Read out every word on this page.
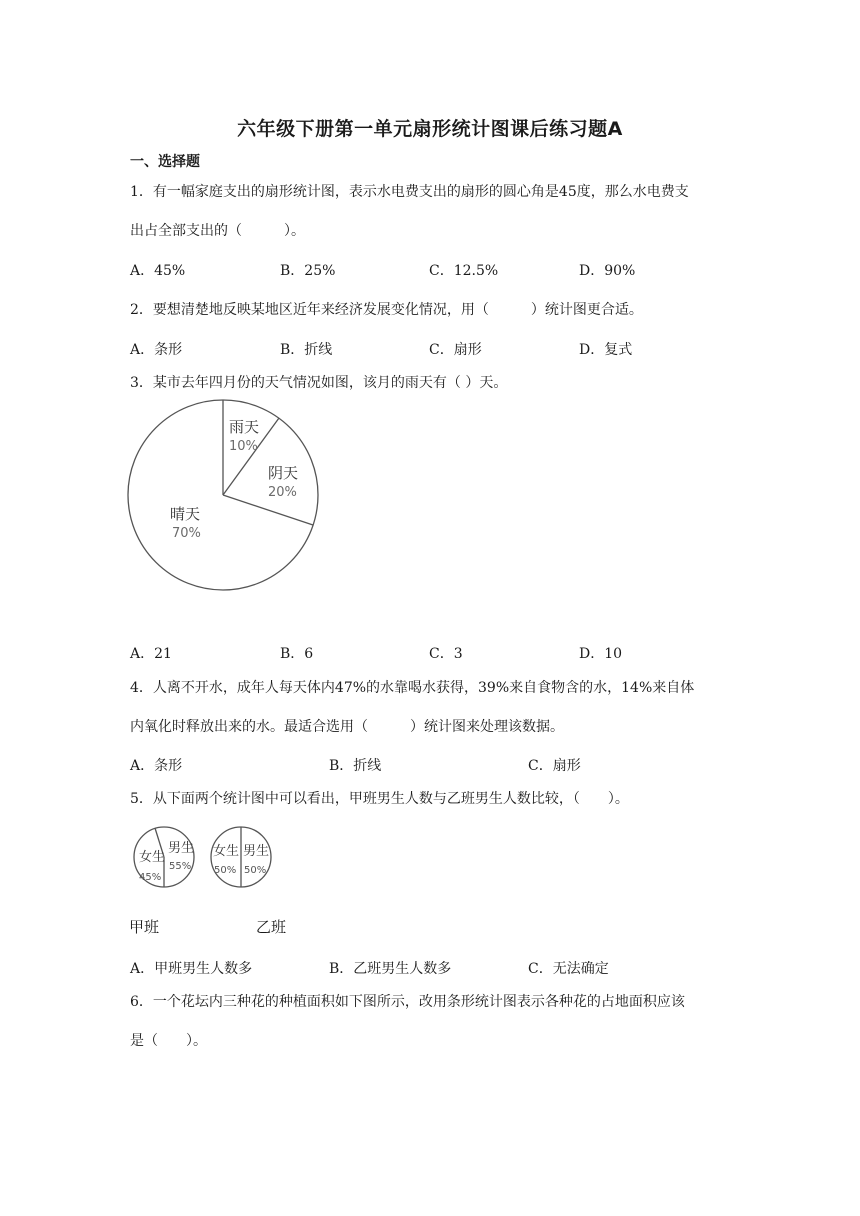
六年级下册第一单元扇形统计图课后练习题A
一、选择题
1．有一幅家庭支出的扇形统计图，表示水电费支出的扇形的圆心角是45度，那么水电费支
出占全部支出的（　　　）。
A．45%	B．25%	C．12.5%	D．90%
2．要想清楚地反映某地区近年来经济发展变化情况，用（　　　）统计图更合适。
A．条形	B．折线	C．扇形	D．复式
3．某市去年四月份的天气情况如图，该月的雨天有（ ）天。
雨天
10%
阴天
20%
晴天
70%
A．21	B．6	C．3	D．10
4．人离不开水，成年人每天体内47%的水靠喝水获得，39%来自食物含的水，14%来自体
内氧化时释放出来的水。最适合选用（　　　）统计图来处理该数据。
A．条形	B．折线	C．扇形
5．从下面两个统计图中可以看出，甲班男生人数与乙班男生人数比较，（　　）。
女生
45%
男生
55%
女生
50%
男生
50%
甲班	乙班
A．甲班男生人数多	B．乙班男生人数多	C．无法确定
6．一个花坛内三种花的种植面积如下图所示，改用条形统计图表示各种花的占地面积应该
是（　　）。
